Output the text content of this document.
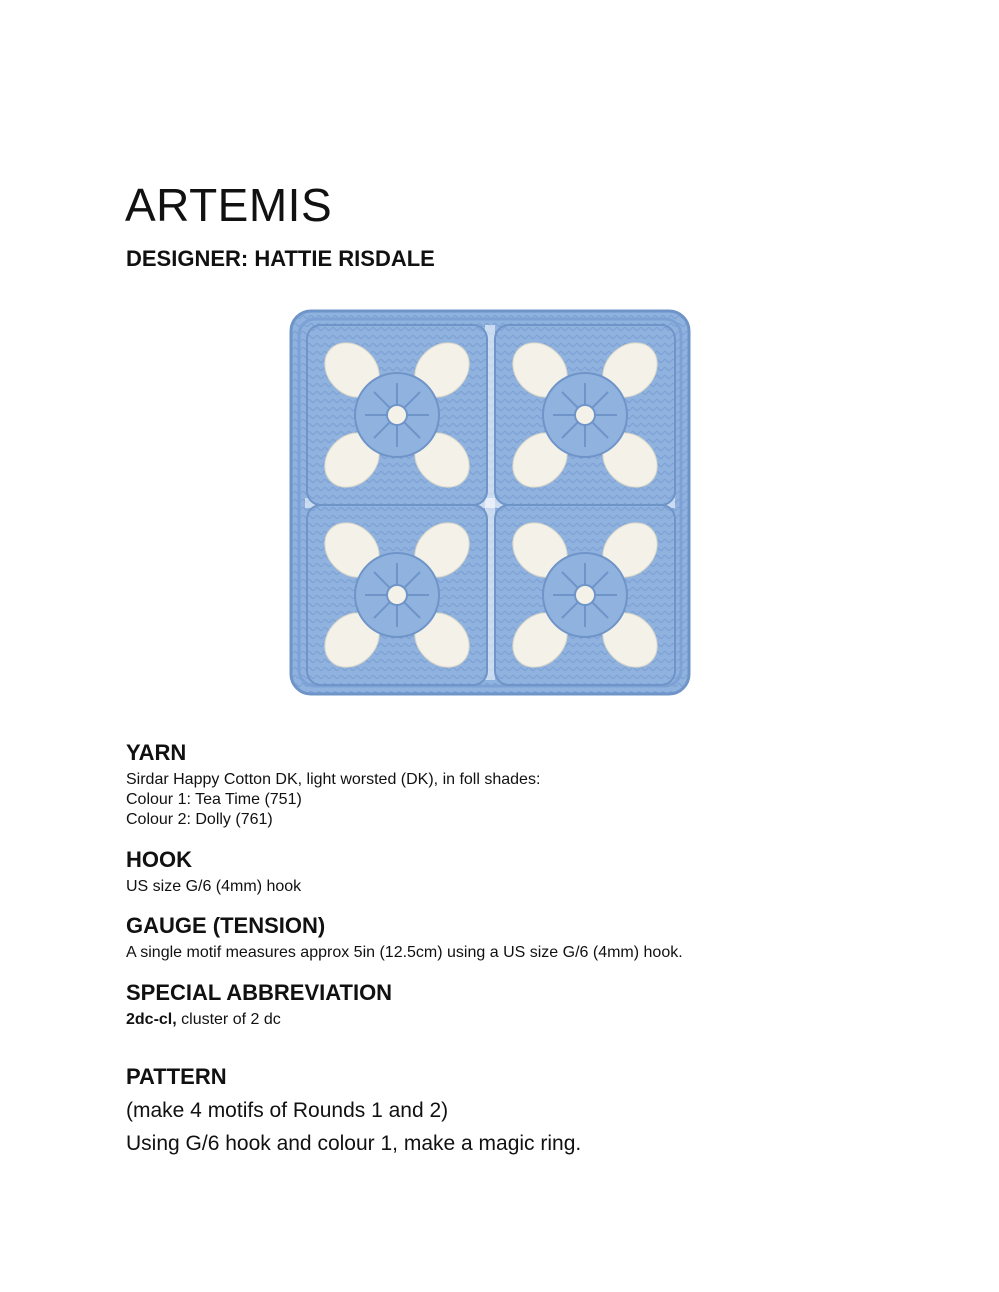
ARTEMIS
DESIGNER: HATTIE RISDALE
YARN

Sirdar Happy Cotton DK, light worsted (DK), in foll shades:

Colour 1: Tea Time (751)

Colour 2: Dolly (761)

HOOK

US size G/6 (4mm) hook

GAUGE (TENSION)

A single motif measures approx 5in (12.5cm) using a US size G/6 (4mm) hook.

SPECIAL ABBREVIATION

2dc-cl, cluster of 2 dc

PATTERN

(make 4 motifs of Rounds 1 and 2)

Using G/6 hook and colour 1, make a magic ring.
